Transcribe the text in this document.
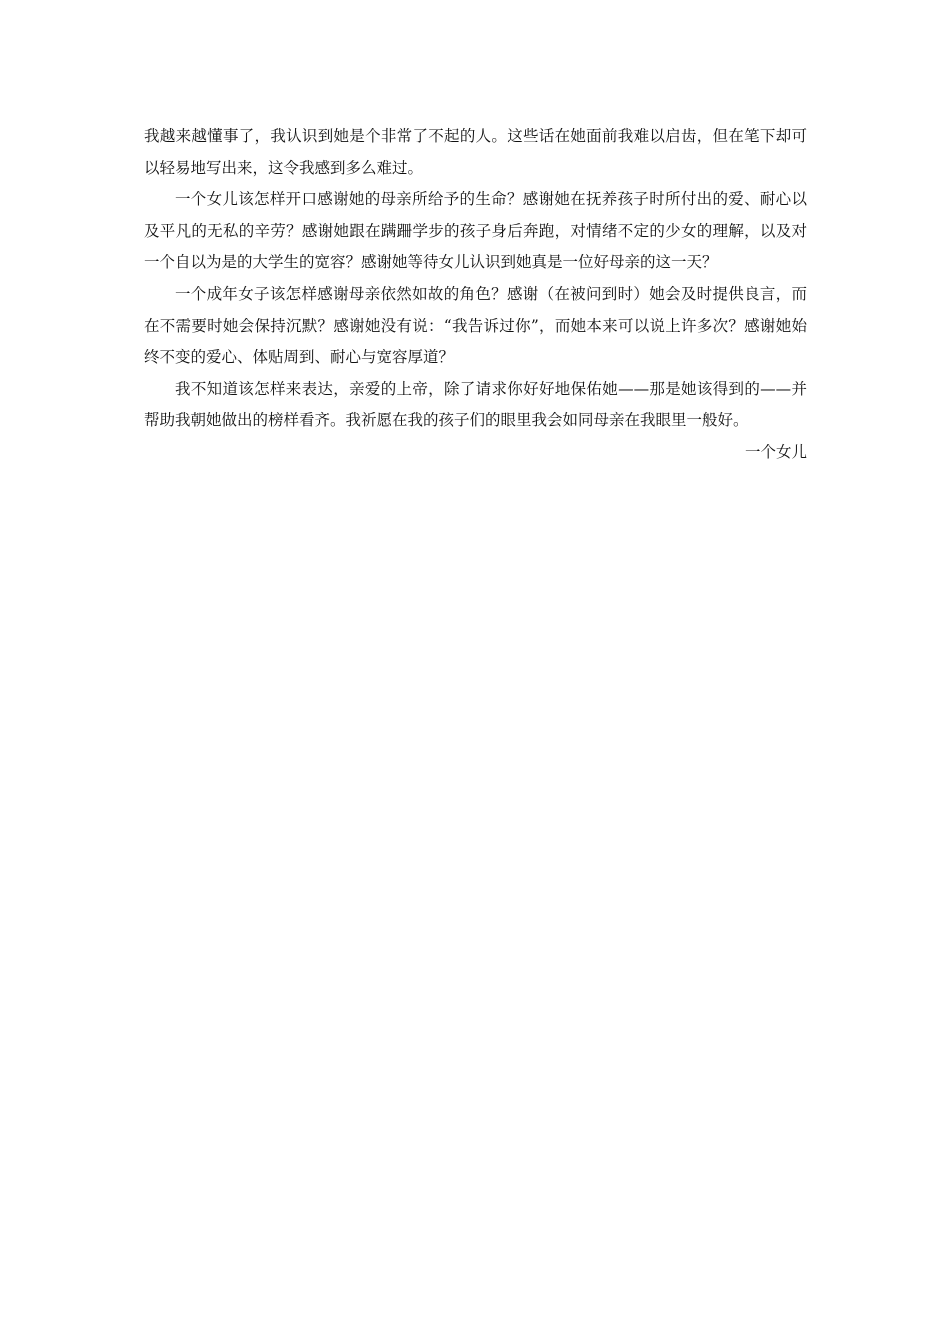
我越来越懂事了，我认识到她是个非常了不起的人。这些话在她面前我难以启齿，但在笔下却可以轻易地写出来，这令我感到多么难过。

一个女儿该怎样开口感谢她的母亲所给予的生命？感谢她在抚养孩子时所付出的爱、耐心以及平凡的无私的辛劳？感谢她跟在蹒跚学步的孩子身后奔跑，对情绪不定的少女的理解，以及对一个自以为是的大学生的宽容？感谢她等待女儿认识到她真是一位好母亲的这一天？

一个成年女子该怎样感谢母亲依然如故的角色？感谢（在被问到时）她会及时提供良言，而在不需要时她会保持沉默？感谢她没有说：“我告诉过你”，而她本来可以说上许多次？感谢她始终不变的爱心、体贴周到、耐心与宽容厚道？

我不知道该怎样来表达，亲爱的上帝，除了请求你好好地保佑她——那是她该得到的——并帮助我朝她做出的榜样看齐。我祈愿在我的孩子们的眼里我会如同母亲在我眼里一般好。

一个女儿
